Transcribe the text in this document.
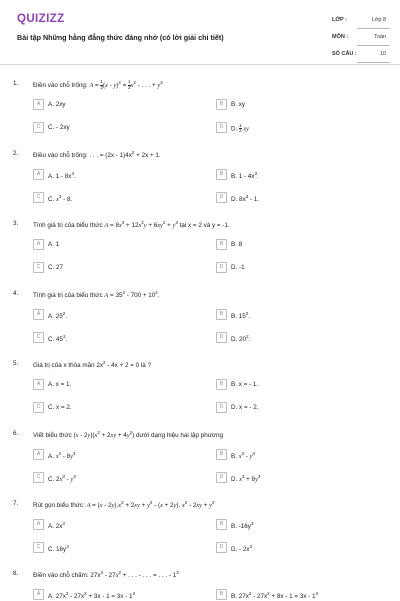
QUIZIZZ
Bài tập Những hằng đẳng thức đáng nhớ (có lời giải chi tiết)
LỚP :	Lớp 8
MÔN :	Toán
SỐ CÂU :	10
1. Điền vào chỗ trống: $A = \frac{1}{2} (x - y)^2 = \frac{1}{2} x^2$ - . . . + $y^2$
A	A. 2xy	B	B. xy
C	C. - 2xy	D	D. $\frac{1}{2}$ xy
2. Điều vào chỗ trống: . . . = $(2x - 1)4x^2 + 2x + 1$.
A	A. $1 - 8x^3$.	B	B. $1 - 4x^3$.
C	C. $x^3 - 8$.	D	D. $8x^3 - 1$.
3. Tính giá trị của biểu thức $A = 8x^3 + 12x^2y + 6xy^2 + y^3$ tại x = 2 và y = -1.
A	A. 1	B	B. 8
C	C. 27	D	D. -1
4. Tính giá trị của biểu thức $A = 35^2 - 700 + 10^2$.
A	A. $25^2$.	B	B. $15^2$.
C	C. $45^2$.	D	D. $20^2$.
5. Giá trị của x thỏa mãn $2x^2 - 4x + 2 = 0$ là ?
A	A. x = 1.	B	B. x = - 1.
C	C. x = 2.	D	D. x = - 2.
6. Viết biểu thức $(x - 2y)(x^2 + 2xy + 4y^2)$ dưới dạng hiệu hai lập phương
A	A. $x^3 - 8y^3$	B	B. $x^3 - y^3$
C	C. $2x^3 - y^3$	D	D. $x^3 + 8y^3$
7. Rút gọn biểu thức: $A = (x - 2y).x^2 + 2xy + y^2 - (x + 2y)$. $x^2 - 2xy + y^2$
A	A. $2x^3$	B	B. $-16y^3$
C	C. $16y^3$	D	D. - $2x^3$
8. Điền vào chỗ chấm: $27x^3 - 27x^2$ + . . . - . . . = . . . - $1^3$
A	A. $27x^3 - 27x^2 + 3x - 1 = 3x - 1^3$	B	B. $27x^3 - 27x^2 + 8x - 1 = 3x - 1^3$
